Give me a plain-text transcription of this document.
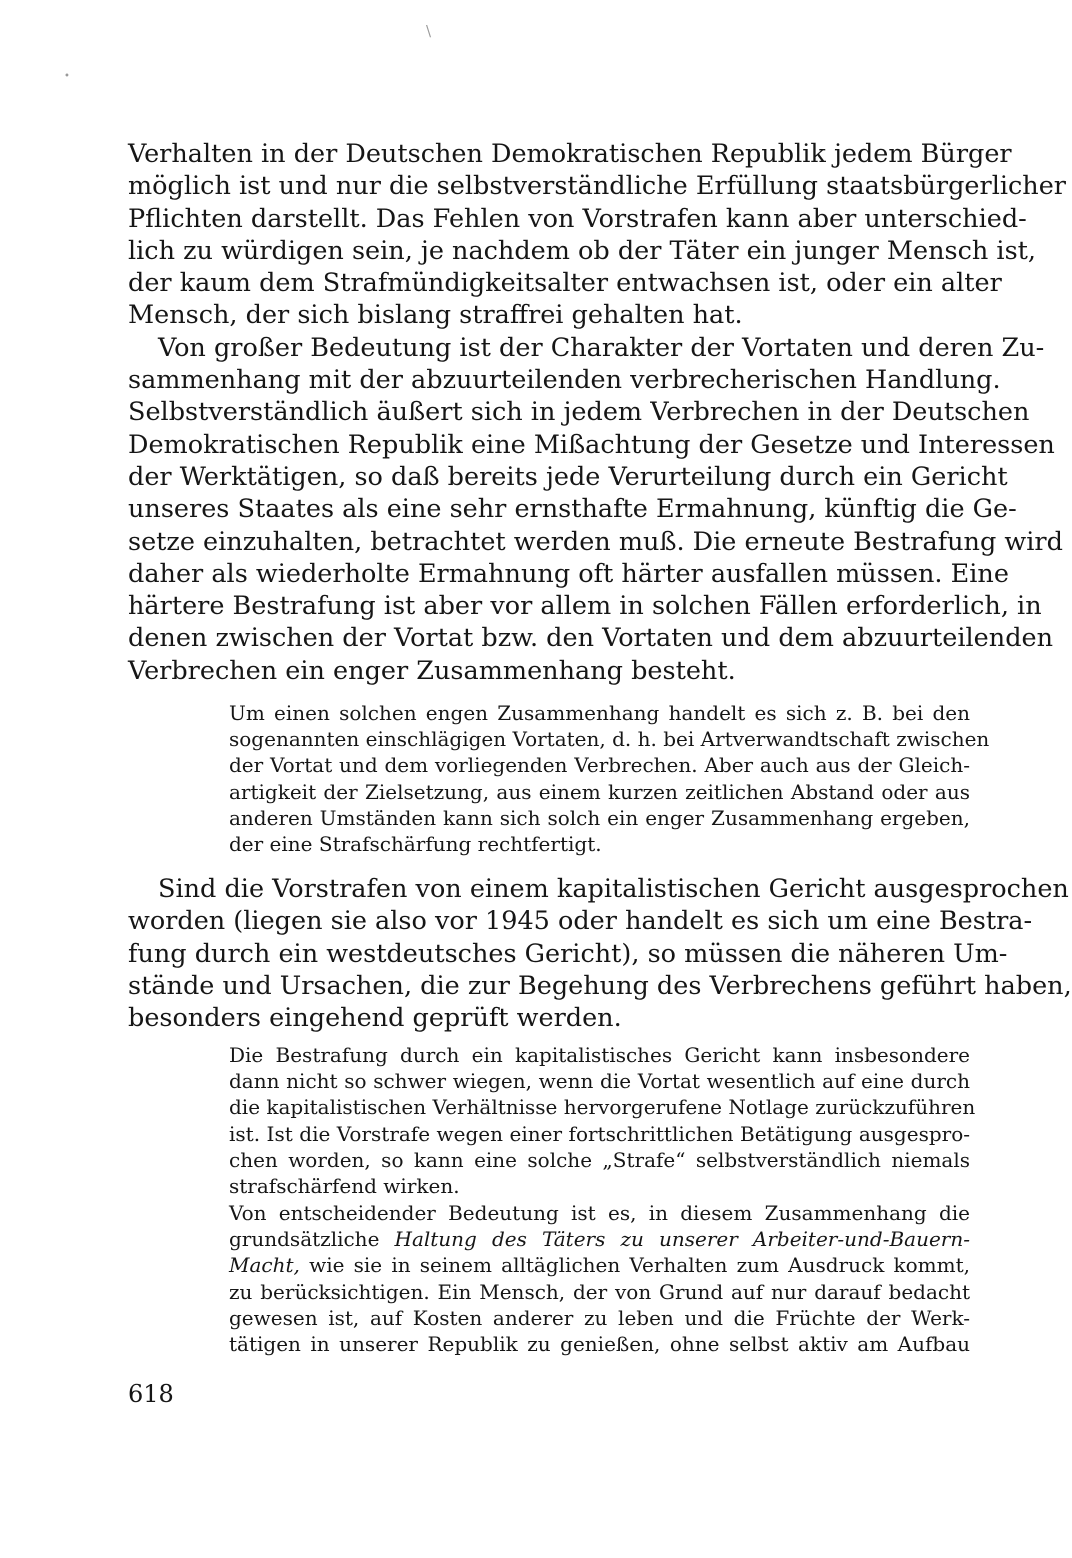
\
•
Verhalten in der Deutschen Demokratischen Republik jedem Bürger
möglich ist und nur die selbstverständliche Erfüllung staatsbürgerlicher
Pflichten darstellt. Das Fehlen von Vorstrafen kann aber unterschied-
lich zu würdigen sein, je nachdem ob der Täter ein junger Mensch ist,
der kaum dem Strafmündigkeitsalter entwachsen ist, oder ein alter
Mensch, der sich bislang straffrei gehalten hat.
Von großer Bedeutung ist der Charakter der Vortaten und deren Zu-
sammenhang mit der abzuurteilenden verbrecherischen Handlung.
Selbstverständlich äußert sich in jedem Verbrechen in der Deutschen
Demokratischen Republik eine Mißachtung der Gesetze und Interessen
der Werktätigen, so daß bereits jede Verurteilung durch ein Gericht
unseres Staates als eine sehr ernsthafte Ermahnung, künftig die Ge-
setze einzuhalten, betrachtet werden muß. Die erneute Bestrafung wird
daher als wiederholte Ermahnung oft härter ausfallen müssen. Eine
härtere Bestrafung ist aber vor allem in solchen Fällen erforderlich, in
denen zwischen der Vortat bzw. den Vortaten und dem abzuurteilenden
Verbrechen ein enger Zusammenhang besteht.
Um einen solchen engen Zusammenhang handelt es sich z. B. bei den
sogenannten einschlägigen Vortaten, d. h. bei Artverwandtschaft zwischen
der Vortat und dem vorliegenden Verbrechen. Aber auch aus der Gleich-
artigkeit der Zielsetzung, aus einem kurzen zeitlichen Abstand oder aus
anderen Umständen kann sich solch ein enger Zusammenhang ergeben,
der eine Strafschärfung rechtfertigt.
Sind die Vorstrafen von einem kapitalistischen Gericht ausgesprochen
worden (liegen sie also vor 1945 oder handelt es sich um eine Bestra-
fung durch ein westdeutsches Gericht), so müssen die näheren Um-
stände und Ursachen, die zur Begehung des Verbrechens geführt haben,
besonders eingehend geprüft werden.
Die Bestrafung durch ein kapitalistisches Gericht kann insbesondere
dann nicht so schwer wiegen, wenn die Vortat wesentlich auf eine durch
die kapitalistischen Verhältnisse hervorgerufene Notlage zurückzuführen
ist. Ist die Vorstrafe wegen einer fortschrittlichen Betätigung ausgespro-
chen worden, so kann eine solche „Strafe“ selbstverständlich niemals
strafschärfend wirken.
Von entscheidender Bedeutung ist es, in diesem Zusammenhang die
grundsätzliche Haltung des Täters zu unserer Arbeiter-und-Bauern-
Macht, wie sie in seinem alltäglichen Verhalten zum Ausdruck kommt,
zu berücksichtigen. Ein Mensch, der von Grund auf nur darauf bedacht
gewesen ist, auf Kosten anderer zu leben und die Früchte der Werk-
tätigen in unserer Republik zu genießen, ohne selbst aktiv am Aufbau
618
